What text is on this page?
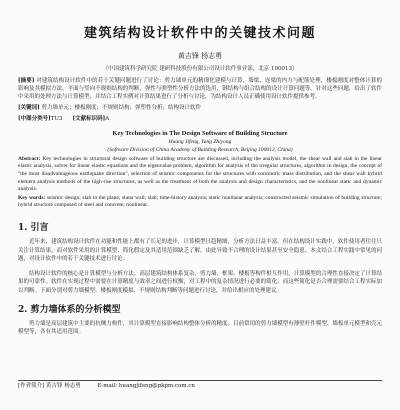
建筑结构设计软件中的关键技术问题
黄吉锋 杨志勇
（中国建筑科学研究院 建研科技股份有限公司设计软件事业部，北京 100013）
[摘要] 对建筑结构设计软件中的若干关键问题进行了讨论：剪力墙单元的精细化建模与计算，墙梁、连梁的内力与配筋处理，楼板刚度对整体计算的影响及其模拟方法，平面与竖向不规则结构的判断，弹性与弹塑性分析方法的选用，钢结构与组合结构的设计计算问题等。针对这些问题，给出了软件中采用的处理方法与计算模型，并结合工程实例对计算结果进行了分析与讨论，为结构设计人员正确使用设计软件提供参考。
[关键词] 剪力墙单元；楼板刚度；不规则结构；弹塑性分析；结构设计软件
[中图分类号]TU3 [文献标识码]A
Key Technologies in The Design Software of Building Structure
Huang Jifeng, Yang Zhiyong
(Software Division of China Academy of Building Research, Beijing 100013, China)
Abstract: Key technologies in structural design software of building structure are discussed, including the analysis model, the shear wall and slab in the linear elastic analysis, solver for linear elastic equations and the eigenvalue problem, algorithm for analysis of the irregular structures, algorithm in design, the concept of "the most disadvantageous earthquake direction", selection of seismic components for the structures with concentric mass distribution, and the shear wall hybrid element analysis methods of the high-rise structures, as well as the treatment of both the analysis and design characteristics, and the nonlinear static and dynamic analysis.
Key words: seismic design; slab in the plane; shear wall; slab; time-history analysis; static nonlinear analysis; constructed seismic simulation of building structure; hybrid structure composed of steel and concrete; nonlinear.
1. 引言
近年来，建筑结构设计软件在功能和性能上都有了长足的进步，计算模型日趋精细，分析方法日益丰富。但在结构设计实践中，软件使用者往往只关注计算结果，而对软件采用的计算模型、简化假定及其适用范围缺乏了解，由此导致不合理的设计结果甚至安全隐患。本文结合工程实践中常见的问题，对设计软件中的若干关键技术进行讨论。
结构设计软件的核心是计算模型与分析方法。高层建筑结构体系复杂，剪力墙、框架、楼板等构件相互作用，计算模型的合理性直接决定了计算结果的可靠性。软件在实现过程中需要在计算精度与效率之间进行权衡，对工程中的复杂情况进行必要的简化，而这些简化是否合理需要结合工程实际加以判断。下面分别对剪力墙模型、楼板刚度模拟、不规则结构判断等问题进行讨论，并给出相应的处理建议。
2. 剪力墙体系的分析模型
剪力墙是高层建筑中主要的抗侧力构件，其计算模型直接影响结构整体分析的精度。目前常用的剪力墙模型有薄壁杆件模型、墙板单元模型和壳元模型等，各有其适用范围。
[作者简介] 黄吉锋 杨志勇　　　E-mail: huangjifeng@pkpm.com.cn
